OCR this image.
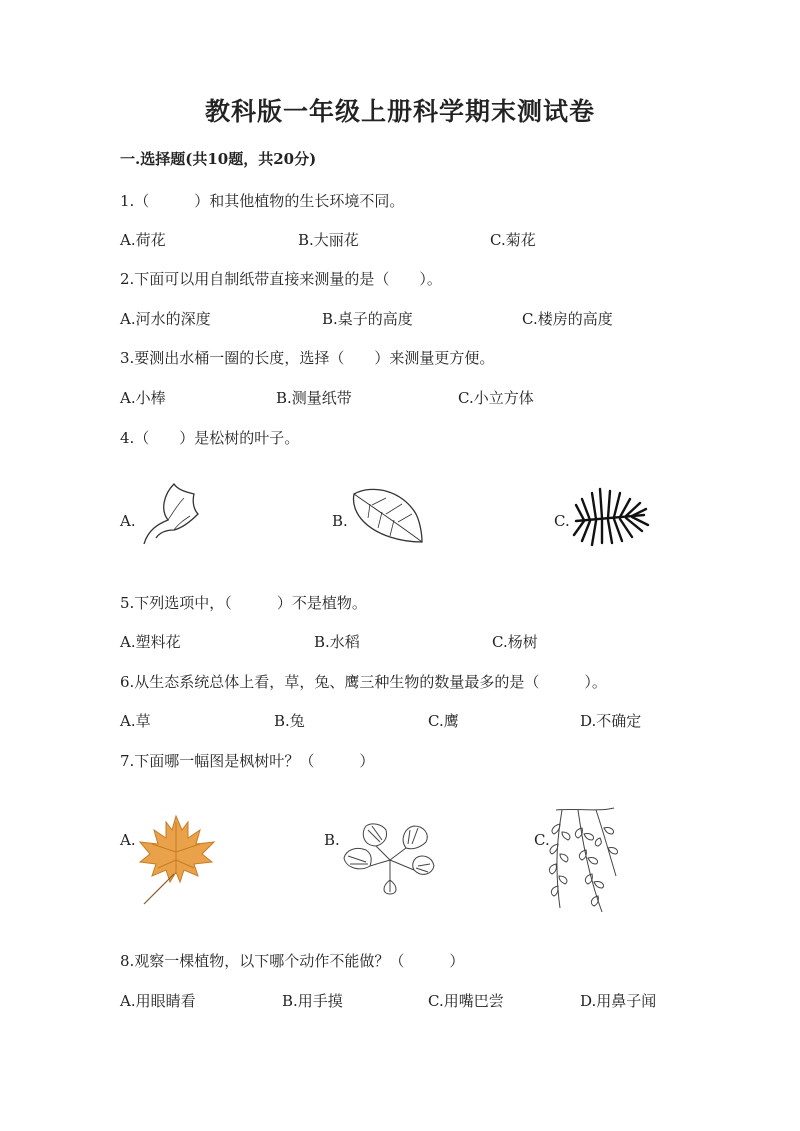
教科版一年级上册科学期末测试卷
一.选择题(共10题，共20分)
1.（　　　）和其他植物的生长环境不同。
A.荷花	B.大丽花	C.菊花
2.下面可以用自制纸带直接来测量的是（　　）。
A.河水的深度	B.桌子的高度	C.楼房的高度
3.要测出水桶一圈的长度，选择（　　）来测量更方便。
A.小棒	B.测量纸带	C.小立方体
4.（　　）是松树的叶子。
A.	B.	C.
5.下列选项中，（　　　）不是植物。
A.塑料花	B.水稻	C.杨树
6.从生态系统总体上看，草，兔、鹰三种生物的数量最多的是（　　　）。
A.草	B.兔	C.鹰	D.不确定
7.下面哪一幅图是枫树叶？（　　　）
A.	B.	C.
8.观察一棵植物，以下哪个动作不能做？（　　　）
A.用眼睛看	B.用手摸	C.用嘴巴尝	D.用鼻子闻
